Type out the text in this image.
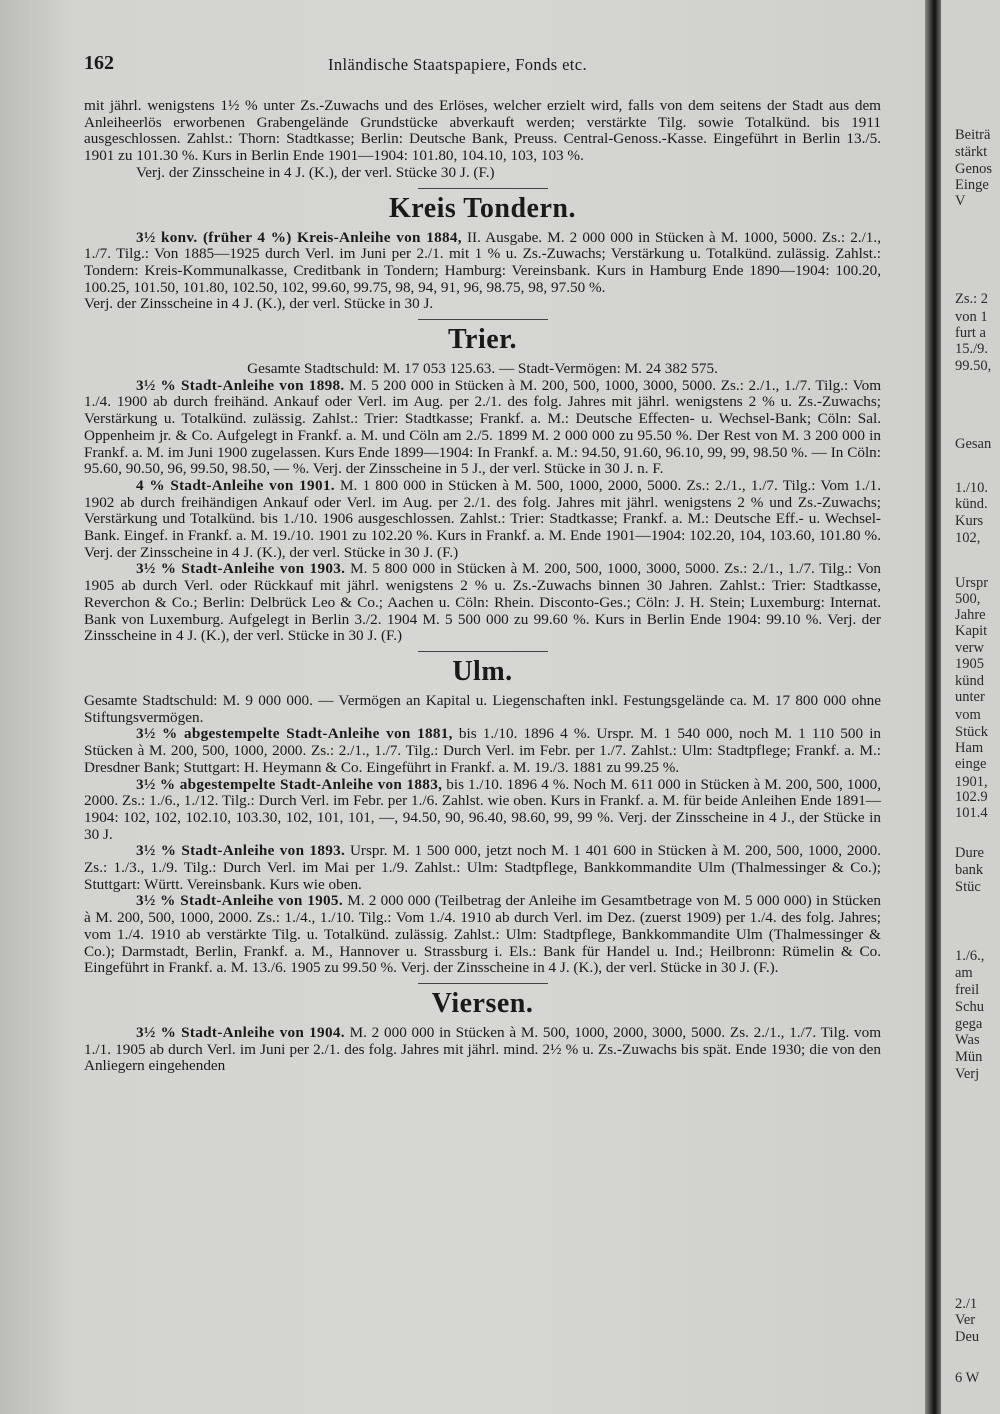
162	Inländische Staatspapiere, Fonds etc.

mit jährl. wenigstens 1½ % unter Zs.-Zuwachs und des Erlöses, welcher erzielt wird, falls von dem seitens der Stadt aus dem Anleiheerlös erworbenen Grabengelände Grundstücke abverkauft werden; verstärkte Tilg. sowie Totalkünd. bis 1911 ausgeschlossen. Zahlst.: Thorn: Stadtkasse; Berlin: Deutsche Bank, Preuss. Central-Genoss.-Kasse. Eingeführt in Berlin 13./5. 1901 zu 101.30 %. Kurs in Berlin Ende 1901—1904: 101.80, 104.10, 103, 103 %.

Verj. der Zinsscheine in 4 J. (K.), der verl. Stücke 30 J. (F.)

Kreis Tondern.

3½ konv. (früher 4 %) Kreis-Anleihe von 1884, II. Ausgabe. M. 2 000 000 in Stücken à M. 1000, 5000. Zs.: 2./1., 1./7. Tilg.: Von 1885—1925 durch Verl. im Juni per 2./1. mit 1 % u. Zs.-Zuwachs; Verstärkung u. Totalkünd. zulässig. Zahlst.: Tondern: Kreis-Kommunalkasse, Creditbank in Tondern; Hamburg: Vereinsbank. Kurs in Hamburg Ende 1890—1904: 100.20, 100.25, 101.50, 101.80, 102.50, 102, 99.60, 99.75, 98, 94, 91, 96, 98.75, 98, 97.50 %.

Verj. der Zinsscheine in 4 J. (K.), der verl. Stücke in 30 J.

Trier.

Gesamte Stadtschuld: M. 17 053 125.63. — Stadt-Vermögen: M. 24 382 575.

3½ % Stadt-Anleihe von 1898. M. 5 200 000 in Stücken à M. 200, 500, 1000, 3000, 5000. Zs.: 2./1., 1./7. Tilg.: Vom 1./4. 1900 ab durch freihänd. Ankauf oder Verl. im Aug. per 2./1. des folg. Jahres mit jährl. wenigstens 2 % u. Zs.-Zuwachs; Verstärkung u. Totalkünd. zulässig. Zahlst.: Trier: Stadtkasse; Frankf. a. M.: Deutsche Effecten- u. Wechsel-Bank; Cöln: Sal. Oppenheim jr. & Co. Aufgelegt in Frankf. a. M. und Cöln am 2./5. 1899 M. 2 000 000 zu 95.50 %. Der Rest von M. 3 200 000 in Frankf. a. M. im Juni 1900 zugelassen. Kurs Ende 1899—1904: In Frankf. a. M.: 94.50, 91.60, 96.10, 99, 99, 98.50 %. — In Cöln: 95.60, 90.50, 96, 99.50, 98.50, — %. Verj. der Zinsscheine in 5 J., der verl. Stücke in 30 J. n. F.

4 % Stadt-Anleihe von 1901. M. 1 800 000 in Stücken à M. 500, 1000, 2000, 5000. Zs.: 2./1., 1./7. Tilg.: Vom 1./1. 1902 ab durch freihändigen Ankauf oder Verl. im Aug. per 2./1. des folg. Jahres mit jährl. wenigstens 2 % und Zs.-Zuwachs; Verstärkung und Totalkünd. bis 1./10. 1906 ausgeschlossen. Zahlst.: Trier: Stadtkasse; Frankf. a. M.: Deutsche Eff.- u. Wechsel-Bank. Eingef. in Frankf. a. M. 19./10. 1901 zu 102.20 %. Kurs in Frankf. a. M. Ende 1901—1904: 102.20, 104, 103.60, 101.80 %. Verj. der Zinsscheine in 4 J. (K.), der verl. Stücke in 30 J. (F.)

3½ % Stadt-Anleihe von 1903. M. 5 800 000 in Stücken à M. 200, 500, 1000, 3000, 5000. Zs.: 2./1., 1./7. Tilg.: Von 1905 ab durch Verl. oder Rückkauf mit jährl. wenigstens 2 % u. Zs.-Zuwachs binnen 30 Jahren. Zahlst.: Trier: Stadtkasse, Reverchon & Co.; Berlin: Delbrück Leo & Co.; Aachen u. Cöln: Rhein. Disconto-Ges.; Cöln: J. H. Stein; Luxemburg: Internat. Bank von Luxemburg. Aufgelegt in Berlin 3./2. 1904 M. 5 500 000 zu 99.60 %. Kurs in Berlin Ende 1904: 99.10 %. Verj. der Zinsscheine in 4 J. (K.), der verl. Stücke in 30 J. (F.)

Ulm.

Gesamte Stadtschuld: M. 9 000 000. — Vermögen an Kapital u. Liegenschaften inkl. Festungsgelände ca. M. 17 800 000 ohne Stiftungsvermögen.

3½ % abgestempelte Stadt-Anleihe von 1881, bis 1./10. 1896 4 %. Urspr. M. 1 540 000, noch M. 1 110 500 in Stücken à M. 200, 500, 1000, 2000. Zs.: 2./1., 1./7. Tilg.: Durch Verl. im Febr. per 1./7. Zahlst.: Ulm: Stadtpflege; Frankf. a. M.: Dresdner Bank; Stuttgart: H. Heymann & Co. Eingeführt in Frankf. a. M. 19./3. 1881 zu 99.25 %.

3½ % abgestempelte Stadt-Anleihe von 1883, bis 1./10. 1896 4 %. Noch M. 611 000 in Stücken à M. 200, 500, 1000, 2000. Zs.: 1./6., 1./12. Tilg.: Durch Verl. im Febr. per 1./6. Zahlst. wie oben. Kurs in Frankf. a. M. für beide Anleihen Ende 1891—1904: 102, 102, 102.10, 103.30, 102, 101, 101, —, 94.50, 90, 96.40, 98.60, 99, 99 %. Verj. der Zinsscheine in 4 J., der Stücke in 30 J.

3½ % Stadt-Anleihe von 1893. Urspr. M. 1 500 000, jetzt noch M. 1 401 600 in Stücken à M. 200, 500, 1000, 2000. Zs.: 1./3., 1./9. Tilg.: Durch Verl. im Mai per 1./9. Zahlst.: Ulm: Stadtpflege, Bankkommandite Ulm (Thalmessinger & Co.); Stuttgart: Württ. Vereinsbank. Kurs wie oben.

3½ % Stadt-Anleihe von 1905. M. 2 000 000 (Teilbetrag der Anleihe im Gesamtbetrage von M. 5 000 000) in Stücken à M. 200, 500, 1000, 2000. Zs.: 1./4., 1./10. Tilg.: Vom 1./4. 1910 ab durch Verl. im Dez. (zuerst 1909) per 1./4. des folg. Jahres; vom 1./4. 1910 ab verstärkte Tilg. u. Totalkünd. zulässig. Zahlst.: Ulm: Stadtpflege, Bankkommandite Ulm (Thalmessinger & Co.); Darmstadt, Berlin, Frankf. a. M., Hannover u. Strassburg i. Els.: Bank für Handel u. Ind.; Heilbronn: Rümelin & Co. Eingeführt in Frankf. a. M. 13./6. 1905 zu 99.50 %. Verj. der Zinsscheine in 4 J. (K.), der verl. Stücke in 30 J. (F.).

Viersen.

3½ % Stadt-Anleihe von 1904. M. 2 000 000 in Stücken à M. 500, 1000, 2000, 3000, 5000. Zs. 2./1., 1./7. Tilg. vom 1./1. 1905 ab durch Verl. im Juni per 2./1. des folg. Jahres mit jährl. mind. 2½ % u. Zs.-Zuwachs bis spät. Ende 1930; die von den Anliegern eingehenden

Beiträ
stärkt
Genos
Einge
V
Zs.: 2
von 1
furt a
15./9.
99.50,
Gesan
1./10.
künd.
Kurs
102,
Urspr
500,
Jahre
Kapit
verw
1905
künd
unter
vom
Stück
Ham
einge
1901,
102.9
101.4
Dure
bank
Stüc
1./6.,
am
freil
Schu
gega
Was
Mün
Verj
2./1
Ver
Deu
6 W
